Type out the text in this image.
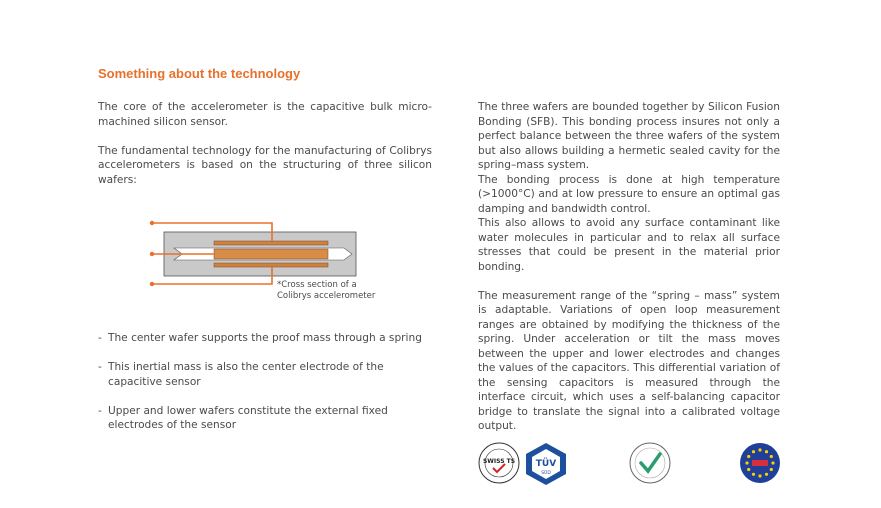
Something about the technology

The core of the accelerometer is the capacitive bulk micro-machined silicon sensor.

The fundamental technology for the manufacturing of Colibrys accelerometers is based on the structuring of three silicon wafers:

*Cross section of a
Colibrys accelerometer
- The center wafer supports the proof mass through a spring
- This inertial mass is also the center electrode of the capacitive sensor
- Upper and lower wafers constitute the external fixed electrodes of the sensor

The three wafers are bounded together by Silicon Fusion Bonding (SFB). This bonding process insures not only a perfect balance between the three wafers of the system but also allows building a hermetic sealed cavity for the spring–mass system.

The bonding process is done at high temperature (>1000°C) and at low pressure to ensure an optimal gas damping and bandwidth control.

This also allows to avoid any surface contaminant like water molecules in particular and to relax all surface stresses that could be present in the material prior bonding.

The measurement range of the “spring – mass” system is adaptable. Variations of open loop measurement ranges are obtained by modifying the thickness of the spring. Under acceleration or tilt the mass moves between the upper and lower electrodes and changes the values of the capacitors. This differential variation of the sensing capacitors is measured through the interface circuit, which uses a self-balancing capacitor bridge to translate the signal into a calibrated voltage output.

SWISS TS TÜV
SÜD
